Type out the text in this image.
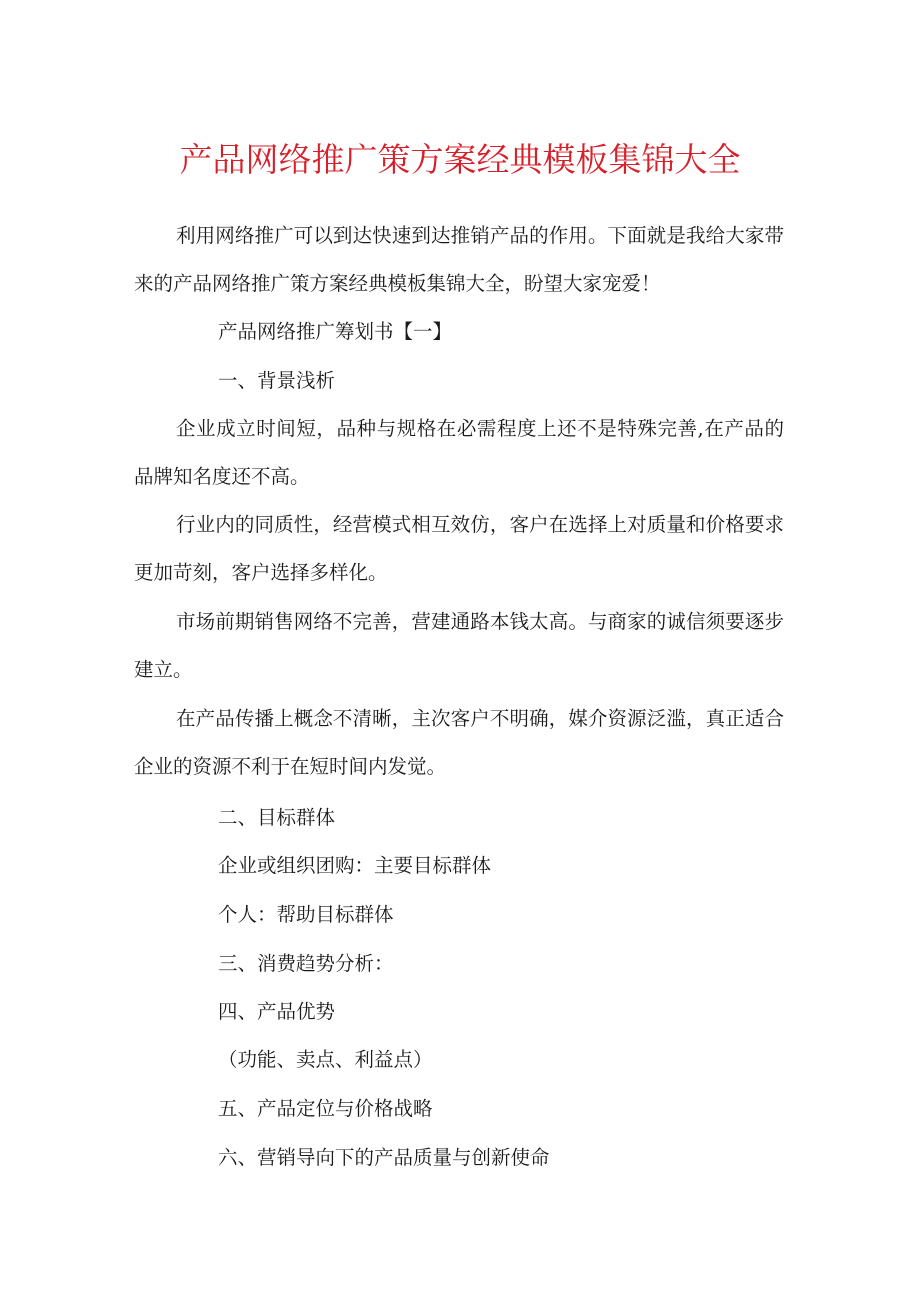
产品网络推广策方案经典模板集锦大全

利用网络推广可以到达快速到达推销产品的作用。下面就是我给大家带来的产品网络推广策方案经典模板集锦大全，盼望大家宠爱！

产品网络推广筹划书【一】

一、背景浅析

企业成立时间短，品种与规格在必需程度上还不是特殊完善,在产品的品牌知名度还不高。

行业内的同质性，经营模式相互效仿，客户在选择上对质量和价格要求更加苛刻，客户选择多样化。

市场前期销售网络不完善，营建通路本钱太高。与商家的诚信须要逐步建立。

在产品传播上概念不清晰，主次客户不明确，媒介资源泛滥，真正适合企业的资源不利于在短时间内发觉。

二、目标群体

企业或组织团购：主要目标群体

个人：帮助目标群体

三、消费趋势分析：

四、产品优势

（功能、卖点、利益点）

五、产品定位与价格战略

六、营销导向下的产品质量与创新使命
